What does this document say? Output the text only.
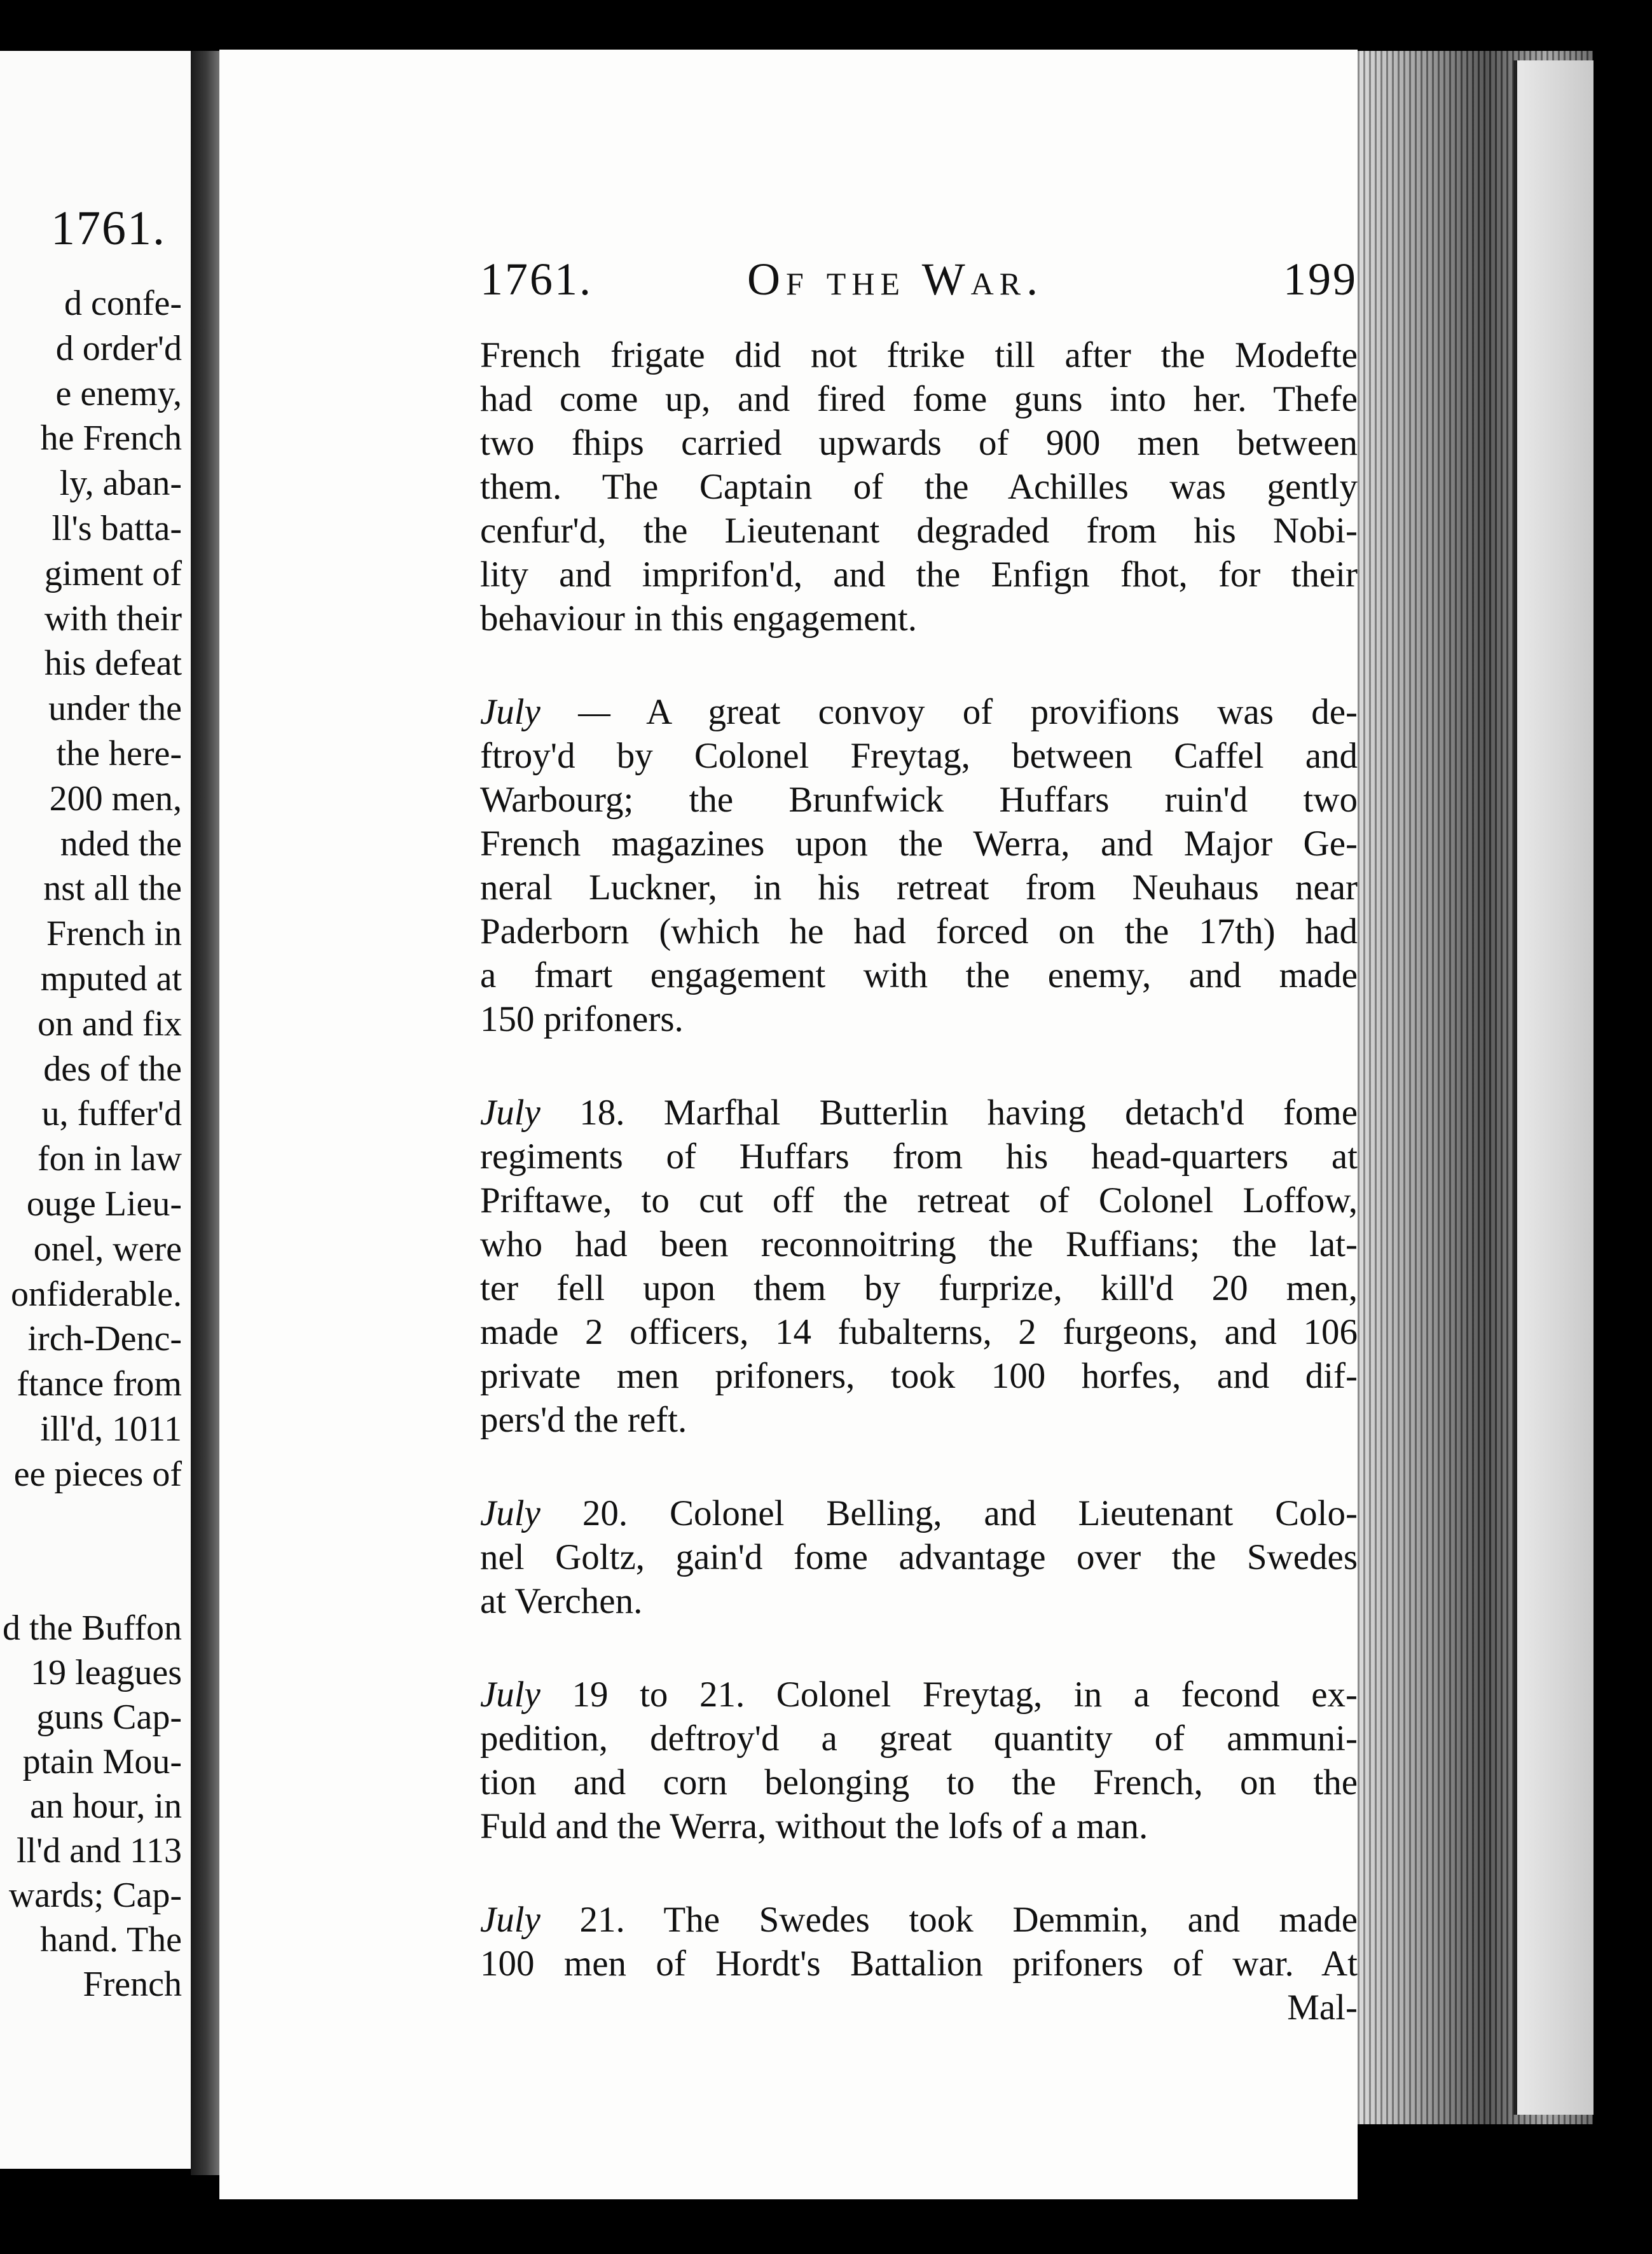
1761.
d confe-
d order'd
e enemy,
he French
ly, aban-
ll's batta-
giment of
with their
his defeat
under the
the here-
200 men,
nded the
nst all the
French in
mputed at
on and fix
des of the
u, fuffer'd
fon in law
ouge Lieu-
onel, were
onfiderable.
irch-Denc-
ftance from
ill'd, 1011
ee pieces of
d the Buffon
19 leagues
guns Cap-
ptain Mou-
an hour, in
ll'd and 113
wards; Cap-
hand. The
French
1761.	Of the War.	199
French frigate did not ftrike till after the Modefte
had come up, and fired fome guns into her. Thefe
two fhips carried upwards of 900 men between
them. The Captain of the Achilles was gently
cenfur'd, the Lieutenant degraded from his Nobi-
lity and imprifon'd, and the Enfign fhot, for their
behaviour in this engagement.
July — A great convoy of provifions was de-
ftroy'd by Colonel Freytag, between Caffel and
Warbourg; the Brunfwick Huffars ruin'd two
French magazines upon the Werra, and Major Ge-
neral Luckner, in his retreat from Neuhaus near
Paderborn (which he had forced on the 17th) had
a fmart engagement with the enemy, and made
150 prifoners.
July 18. Marfhal Butterlin having detach'd fome
regiments of Huffars from his head-quarters at
Priftawe, to cut off the retreat of Colonel Loffow,
who had been reconnoitring the Ruffians; the lat-
ter fell upon them by furprize, kill'd 20 men,
made 2 officers, 14 fubalterns, 2 furgeons, and 106
private men prifoners, took 100 horfes, and dif-
pers'd the reft.
July 20. Colonel Belling, and Lieutenant Colo-
nel Goltz, gain'd fome advantage over the Swedes
at Verchen.
July 19 to 21. Colonel Freytag, in a fecond ex-
pedition, deftroy'd a great quantity of ammuni-
tion and corn belonging to the French, on the
Fuld and the Werra, without the lofs of a man.
July 21. The Swedes took Demmin, and made
100 men of Hordt's Battalion prifoners of war. At
Mal-
